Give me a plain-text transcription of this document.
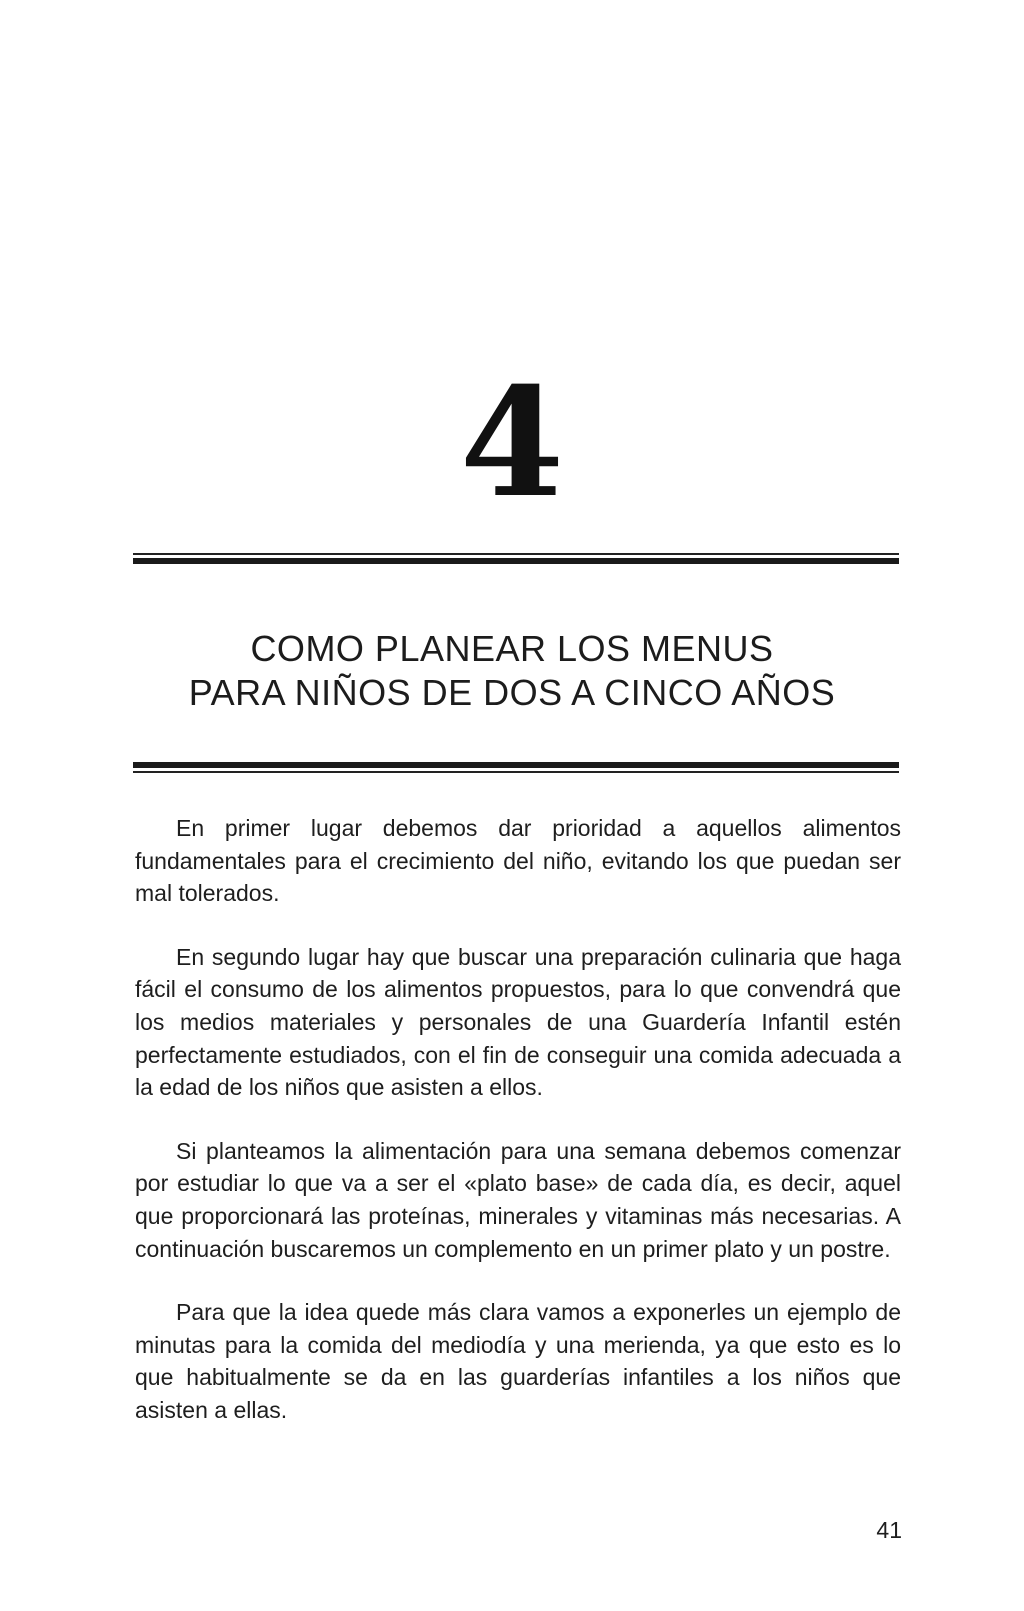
4
COMO PLANEAR LOS MENUS
PARA NIÑOS DE DOS A CINCO AÑOS

En primer lugar debemos dar prioridad a aquellos alimentos fundamentales para el crecimiento del niño, evitando los que puedan ser mal tolerados.

En segundo lugar hay que buscar una preparación culinaria que haga fácil el consumo de los alimentos propuestos, para lo que convendrá que los medios materiales y personales de una Guardería Infantil estén perfectamente estudiados, con el fin de conseguir una comida adecuada a la edad de los niños que asisten a ellos.

Si planteamos la alimentación para una semana debemos comenzar por estudiar lo que va a ser el «plato base» de cada día, es decir, aquel que proporcionará las proteínas, minerales y vitaminas más necesarias. A continuación buscaremos un complemento en un primer plato y un postre.

Para que la idea quede más clara vamos a exponerles un ejemplo de minutas para la comida del mediodía y una merienda, ya que esto es lo que habitualmente se da en las guarderías infantiles a los niños que asisten a ellas.

41
